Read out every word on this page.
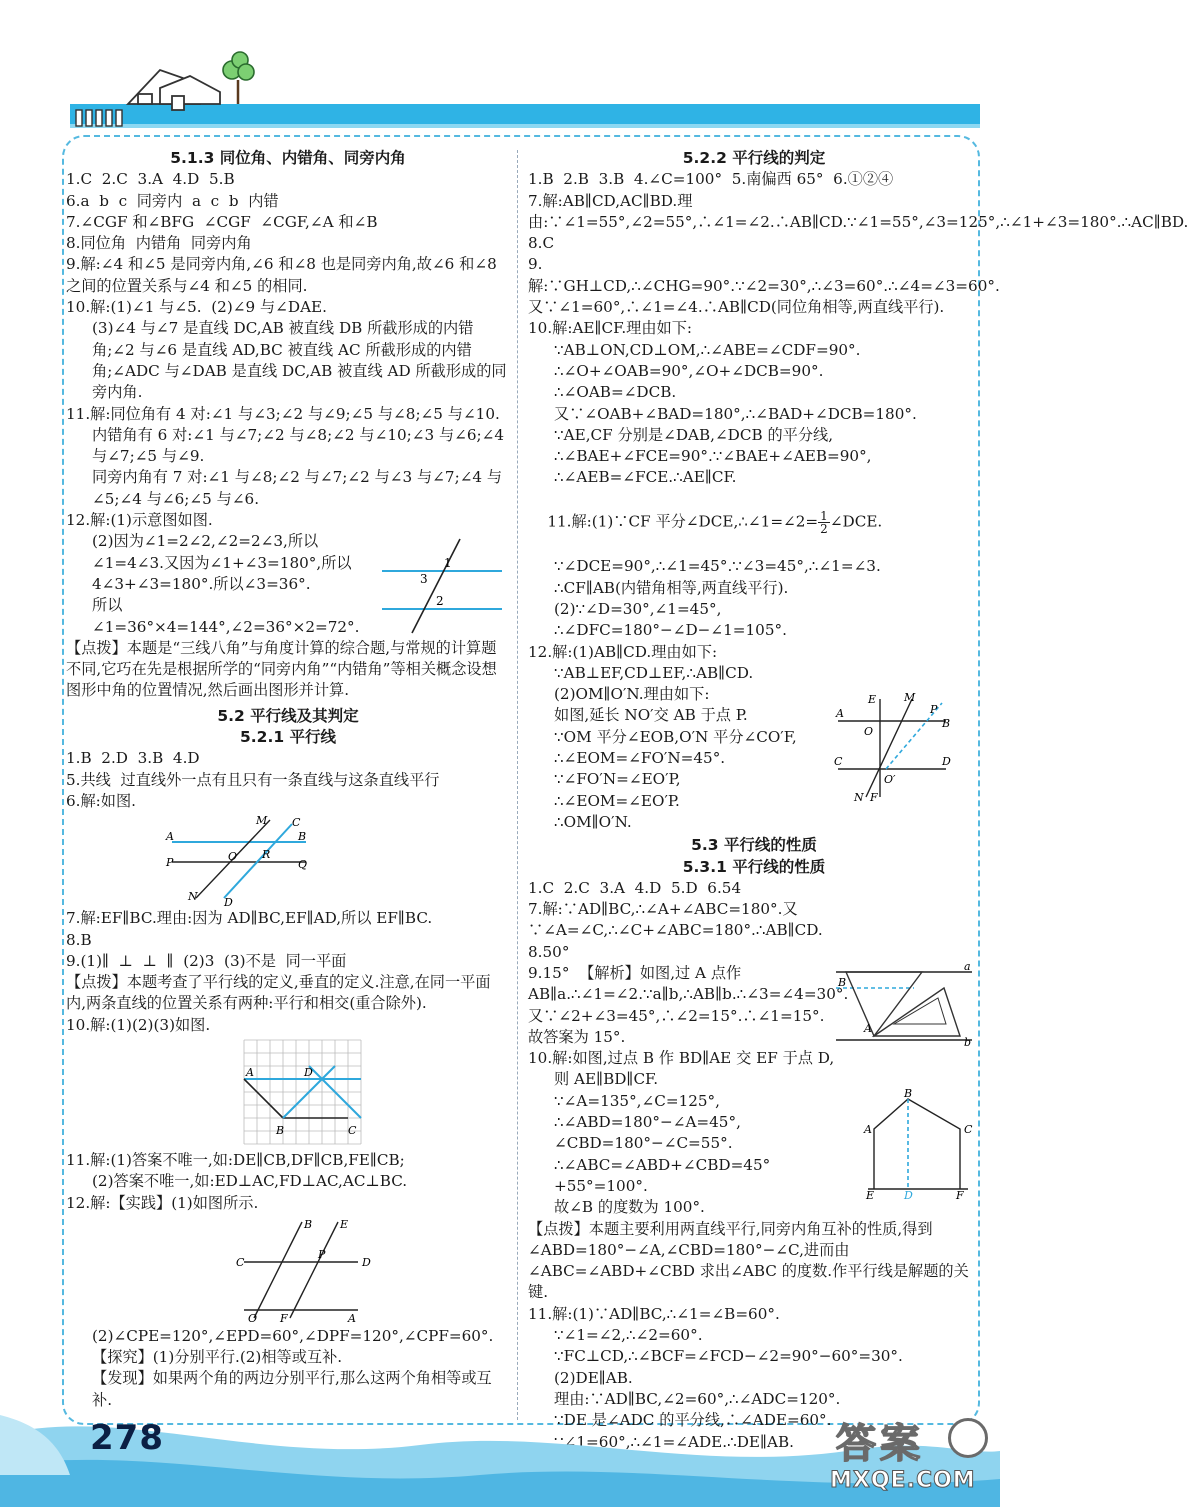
5.1.3 同位角、内错角、同旁内角
1.C  2.C  3.A  4.D  5.B
6.a  b  c  同旁内  a  c  b  内错
7.∠CGF 和∠BFG  ∠CGF  ∠CGF,∠A 和∠B
8.同位角  内错角  同旁内角
9.解:∠4 和∠5 是同旁内角,∠6 和∠8 也是同旁内角,故∠6 和∠8 之间的位置关系与∠4 和∠5 的相同.
10.解:(1)∠1 与∠5.  (2)∠9 与∠DAE.
(3)∠4 与∠7 是直线 DC,AB 被直线 DB 所截形成的内错角;∠2 与∠6 是直线 AD,BC 被直线 AC 所截形成的内错角;∠ADC 与∠DAB 是直线 DC,AB 被直线 AD 所截形成的同旁内角.
11.解:同位角有 4 对:∠1 与∠3;∠2 与∠9;∠5 与∠8;∠5 与∠10.
内错角有 6 对:∠1 与∠7;∠2 与∠8;∠2 与∠10;∠3 与∠6;∠4 与∠7;∠5 与∠9.
同旁内角有 7 对:∠1 与∠8;∠2 与∠7;∠2 与∠3 与∠7;∠4 与∠5;∠4 与∠6;∠5 与∠6.
12.解:(1)示意图如图.
(2)因为∠1=2∠2,∠2=2∠3,所以∠1=4∠3.又因为∠1+∠3=180°,所以 4∠3+∠3=180°.所以∠3=36°.
所以∠1=36°×4=144°,∠2=36°×2=72°.
1
3
2
【点拨】本题是“三线八角”与角度计算的综合题,与常规的计算题不同,它巧在先是根据所学的“同旁内角”“内错角”等相关概念设想图形中角的位置情况,然后画出图形并计算.
5.2 平行线及其判定
5.2.1 平行线
1.B  2.D  3.B  4.D
5.共线  过直线外一点有且只有一条直线与这条直线平行
6.解:如图.
M C
A	B
P	O R
Q
N D
7.解:EF∥BC.理由:因为 AD∥BC,EF∥AD,所以 EF∥BC.
8.B
9.(1)∥  ⊥  ⊥  ∥  (2)3  (3)不是  同一平面
【点拨】本题考查了平行线的定义,垂直的定义.注意,在同一平面内,两条直线的位置关系有两种:平行和相交(重合除外).
10.解:(1)(2)(3)如图.
A	D
B	C
11.解:(1)答案不唯一,如:DE∥CB,DF∥CB,FE∥CB;
(2)答案不唯一,如:ED⊥AC,FD⊥AC,AC⊥BC.
12.解:【实践】(1)如图所示.
B	E
C
P
D
O F	A
(2)∠CPE=120°,∠EPD=60°,∠DPF=120°,∠CPF=60°.
【探究】(1)分别平行.(2)相等或互补.
【发现】如果两个角的两边分别平行,那么这两个角相等或互补.
5.2.2 平行线的判定
1.B  2.B  3.B  4.∠C=100°  5.南偏西 65°  6.①②④
7.解:AB∥CD,AC∥BD.理由:∵∠1=55°,∠2=55°,∴∠1=∠2.∴AB∥CD.∵∠1=55°,∠3=125°,∴∠1+∠3=180°.∴AC∥BD.
8.C
9.解:∵GH⊥CD,∴∠CHG=90°.∵∠2=30°,∴∠3=60°.∴∠4=∠3=60°.又∵∠1=60°,∴∠1=∠4.∴AB∥CD(同位角相等,两直线平行).
10.解:AE∥CF.理由如下:
∵AB⊥ON,CD⊥OM,∴∠ABE=∠CDF=90°.
∴∠O+∠OAB=90°,∠O+∠DCB=90°.
∴∠OAB=∠DCB.
又∵∠OAB+∠BAD=180°,∴∠BAD+∠DCB=180°.
∵AE,CF 分别是∠DAB,∠DCB 的平分线,
∴∠BAE+∠FCE=90°.∵∠BAE+∠AEB=90°,
∴∠AEB=∠FCE.∴AE∥CF.

11.解:(1)∵CF 平分∠DCE,∴∠1=∠2= $\frac{1}{2}$ ∠DCE.

∵∠DCE=90°,∴∠1=45°.∵∠3=45°,∴∠1=∠3.
∴CF∥AB(内错角相等,两直线平行).
(2)∵∠D=30°,∠1=45°,
∴∠DFC=180°−∠D−∠1=105°.
12.解:(1)AB∥CD.理由如下:
∵AB⊥EF,CD⊥EF,∴AB∥CD.
(2)OM∥O′N.理由如下:
如图,延长 NO′交 AB 于点 P.
∵OM 平分∠EOB,O′N 平分∠CO′F,
∴∠EOM=∠FO′N=45°.
∵∠FO′N=∠EO′P,
∴∠EOM=∠EO′P.
∴OM∥O′N.
E	M
A	P
B
O
C
O′
D
N F
5.3 平行线的性质
5.3.1 平行线的性质
1.C  2.C  3.A  4.D  5.D  6.54
7.解:∵AD∥BC,∴∠A+∠ABC=180°.又∵∠A=∠C,∴∠C+∠ABC=180°.∴AB∥CD.
8.50°
9.15°  【解析】如图,过 A 点作 AB∥a.∴∠1=∠2.∵a∥b,∴AB∥b.∴∠3=∠4=30°.又∵∠2+∠3=45°,∴∠2=15°.∴∠1=15°.故答案为 15°.
a
B
A
b
10.解:如图,过点 B 作 BD∥AE 交 EF 于点 D,
则 AE∥BD∥CF.
∵∠A=135°,∠C=125°,
∴∠ABD=180°−∠A=45°,
∠CBD=180°−∠C=55°.
∴∠ABC=∠ABD+∠CBD=45°+55°=100°.
故∠B 的度数为 100°.
B
A	C
E	D	F
【点拨】本题主要利用两直线平行,同旁内角互补的性质,得到∠ABD=180°−∠A,∠CBD=180°−∠C,进而由∠ABC=∠ABD+∠CBD 求出∠ABC 的度数.作平行线是解题的关键.
11.解:(1)∵AD∥BC,∴∠1=∠B=60°.
∵∠1=∠2,∴∠2=60°.
∵FC⊥CD,∴∠BCF=∠FCD−∠2=90°−60°=30°.
(2)DE∥AB.
理由:∵AD∥BC,∠2=60°,∴∠ADC=120°.
∵DE 是∠ADC 的平分线,∴∠ADE=60°.
∵∠1=60°,∴∠1=∠ADE.∴DE∥AB.
278	答案
MXQE.COM
